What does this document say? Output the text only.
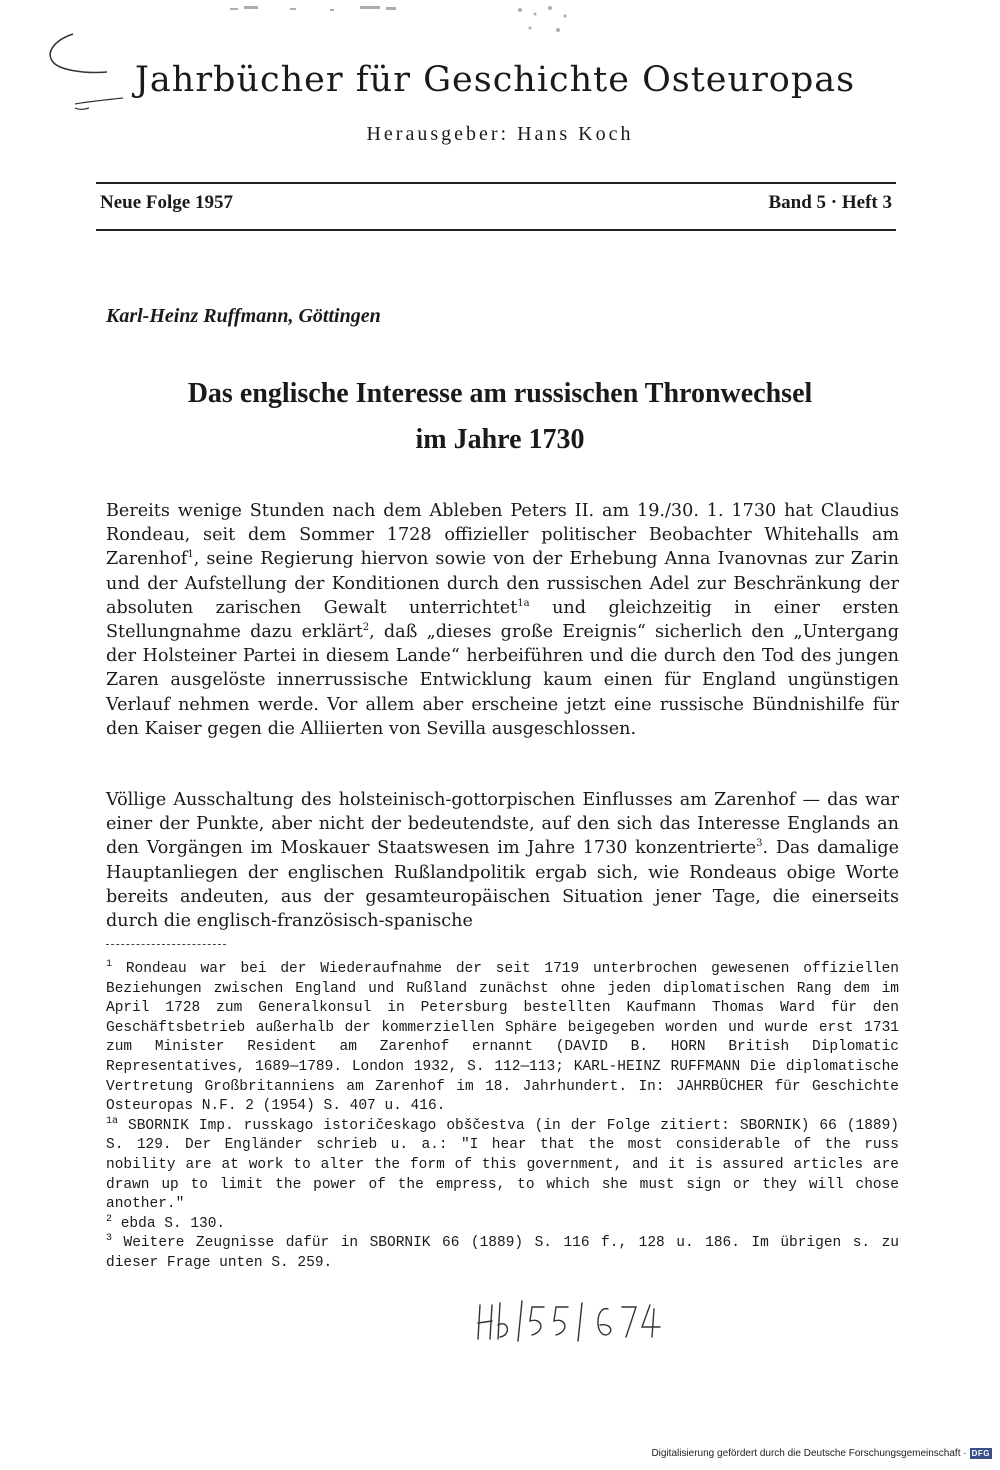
Jahrbücher für Geschichte Osteuropas
Herausgeber: Hans Koch
Neue Folge 1957	Band 5 · Heft 3
Karl-Heinz Ruffmann, Göttingen
Das englische Interesse am russischen Thronwechsel
im Jahre 1730

Bereits wenige Stunden nach dem Ableben Peters II. am 19./30. 1. 1730 hat Claudius Rondeau, seit dem Sommer 1728 offizieller politischer Beobachter Whitehalls am Zarenhof$^1$, seine Regierung hiervon sowie von der Erhebung Anna Ivanovnas zur Zarin und der Aufstellung der Konditionen durch den russischen Adel zur Beschränkung der absoluten zarischen Gewalt unterrichtet$^{1a}$ und gleichzeitig in einer ersten Stellungnahme dazu erklärt$^2$, daß „dieses große Ereignis“ sicherlich den „Untergang der Holsteiner Partei in diesem Lande“ herbeiführen und die durch den Tod des jungen Zaren ausgelöste innerrussische Entwicklung kaum einen für England ungünstigen Verlauf nehmen werde. Vor allem aber erscheine jetzt eine russische Bündnishilfe für den Kaiser gegen die Alliierten von Sevilla ausgeschlossen.

Völlige Ausschaltung des holsteinisch-gottorpischen Einflusses am Zarenhof — das war einer der Punkte, aber nicht der bedeutendste, auf den sich das Interesse Englands an den Vorgängen im Moskauer Staatswesen im Jahre 1730 konzentrierte$^3$. Das damalige Hauptanliegen der englischen Rußlandpolitik ergab sich, wie Rondeaus obige Worte bereits andeuten, aus der gesamteuropäischen Situation jener Tage, die einerseits durch die englisch-französisch-spanische

$^1$ Rondeau war bei der Wiederaufnahme der seit 1719 unterbrochen gewesenen offiziellen Beziehungen zwischen England und Rußland zunächst ohne jeden diplomatischen Rang dem im April 1728 zum Generalkonsul in Petersburg bestellten Kaufmann Thomas Ward für den Geschäftsbetrieb außerhalb der kommerziellen Sphäre beigegeben worden und wurde erst 1731 zum Minister Resident am Zarenhof ernannt (DAVID B. HORN British Diplomatic Representatives, 1689—1789. London 1932, S. 112—113; KARL-HEINZ RUFFMANN Die diplomatische Vertretung Großbritanniens am Zarenhof im 18. Jahrhundert. In: JAHRBÜCHER für Geschichte Osteuropas N.F. 2 (1954) S. 407 u. 416.

$^{1a}$ SBORNIK Imp. russkago istoričeskago obščestva (in der Folge zitiert: SBORNIK) 66 (1889) S. 129. Der Engländer schrieb u. a.: "I hear that the most considerable of the russ nobility are at work to alter the form of this government, and it is assured articles are drawn up to limit the power of the empress, to which she must sign or they will chose another."

$^2$ ebda S. 130.

$^3$ Weitere Zeugnisse dafür in SBORNIK 66 (1889) S. 116 f., 128 u. 186. Im übrigen s. zu dieser Frage unten S. 259.

Digitalisierung gefördert durch die Deutsche Forschungsgemeinschaft · DFG
